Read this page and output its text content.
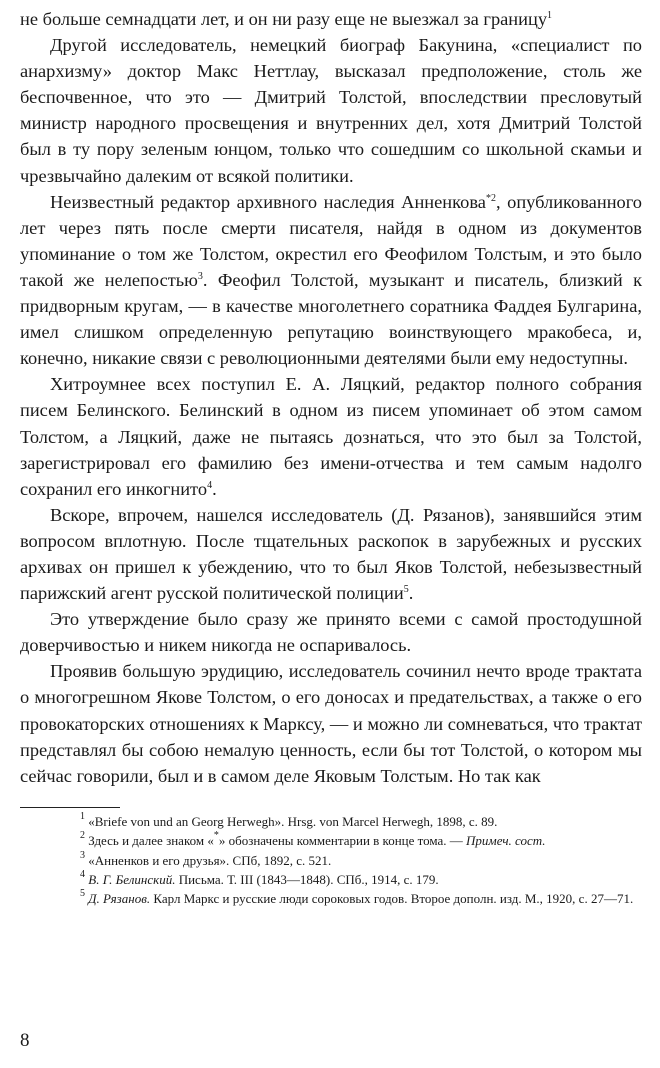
не больше семнадцати лет, и он ни разу еще не выезжал за границу$^1$

Другой исследователь, немецкий биограф Бакунина, «специалист по анархизму» доктор Макс Неттлау, высказал предположение, столь же беспочвенное, что это — Дмитрий Толстой, впоследствии пресловутый министр народного просвещения и внутренних дел, хотя Дмитрий Толстой был в ту пору зеленым юнцом, только что сошедшим со школьной скамьи и чрезвычайно далеким от всякой политики.

Неизвестный редактор архивного наследия Анненкова$^{*2}$, опубликованного лет через пять после смерти писателя, найдя в одном из документов упоминание о том же Толстом, окрестил его Феофилом Толстым, и это было такой же нелепостью$^3$. Феофил Толстой, музыкант и писатель, близкий к придворным кругам, — в качестве многолетнего соратника Фаддея Булгарина, имел слишком определенную репутацию воинствующего мракобеса, и, конечно, никакие связи с революционными деятелями были ему недоступны.

Хитроумнее всех поступил Е. А. Ляцкий, редактор полного собрания писем Белинского. Белинский в одном из писем упоминает об этом самом Толстом, а Ляцкий, даже не пытаясь дознаться, что это был за Толстой, зарегистрировал его фамилию без имени-отчества и тем самым надолго сохранил его инкогнито$^4$.

Вскоре, впрочем, нашелся исследователь (Д. Рязанов), занявшийся этим вопросом вплотную. После тщательных раскопок в зарубежных и русских архивах он пришел к убеждению, что то был Яков Толстой, небезызвестный парижский агент русской политической полиции$^5$.

Это утверждение было сразу же принято всеми с самой простодушной доверчивостью и никем никогда не оспаривалось.

Проявив большую эрудицию, исследователь сочинил нечто вроде трактата о многогрешном Якове Толстом, о его доносах и предательствах, а также о его провокаторских отношениях к Марксу, — и можно ли сомневаться, что трактат представлял бы собою немалую ценность, если бы тот Толстой, о котором мы сейчас говорили, был и в самом деле Яковым Толстым. Но так как

$^1$ «Briefe von und an Georg Herwegh». Hrsg. von Marcel Herwegh, 1898, с. 89.

$^2$ Здесь и далее знаком «*» обозначены комментарии в конце тома. — Примеч. сост.

$^3$ «Анненков и его друзья». СПб, 1892, с. 521.

$^4$ В. Г. Белинский. Письма. Т. III (1843—1848). СПб., 1914, с. 179.

$^5$ Д. Рязанов. Карл Маркс и русские люди сороковых годов. Второе дополн. изд. М., 1920, с. 27—71.

8
